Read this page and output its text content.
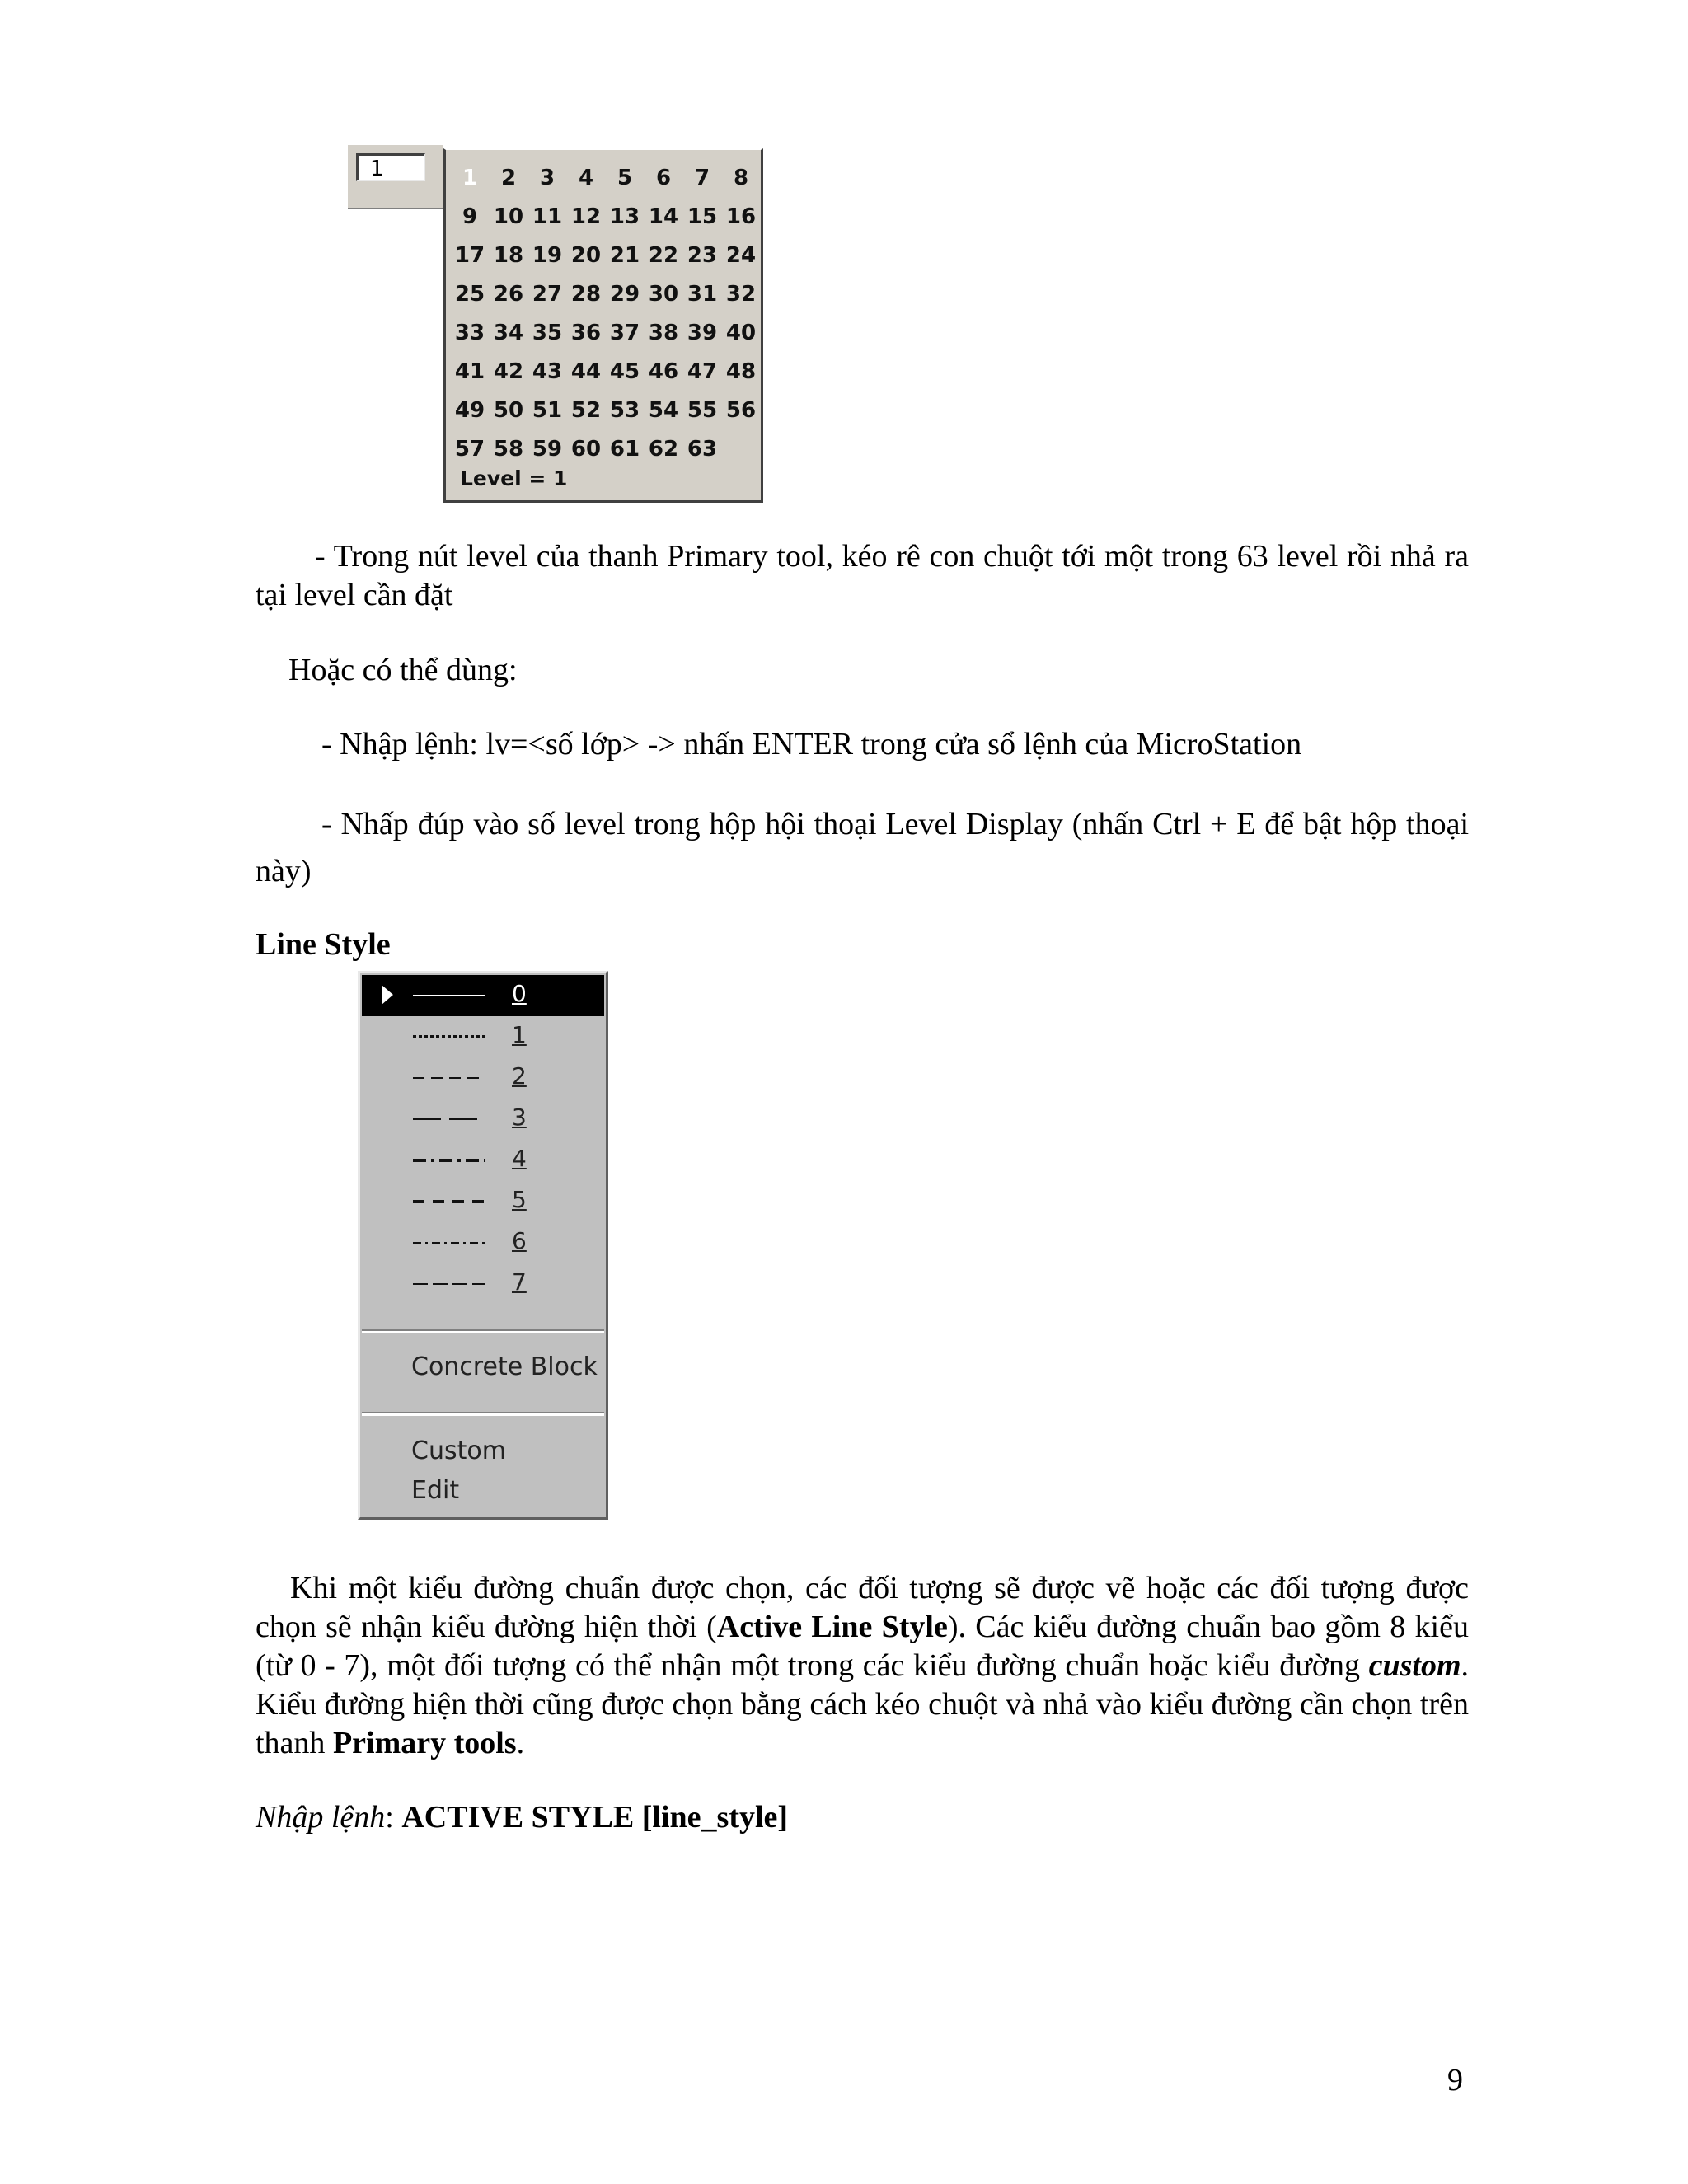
1	1	2	3	4	5	6	7	8
9 10 11 12 13 14 15 16
17 18 19 20 21 22 23 24
25 26 27 28 29 30 31 32
33 34 35 36 37 38 39 40
41 42 43 44 45 46 47 48
49 50 51 52 53 54 55 56
57 58 59 60 61 62 63
Level = 1
- Trong nút level của thanh Primary tool, kéo rê con chuột tới một trong 63 level rồi nhả ra tại level cần đặt
Hoặc có thể dùng:
- Nhập lệnh: lv=<số lớp> -> nhấn ENTER trong cửa sổ lệnh của MicroStation
- Nhấp đúp vào số level trong hộp hội thoại Level Display (nhấn Ctrl + E để bật hộp thoại này)
Line Style
0
1
2
3
4
5
6
7
Concrete Block
Custom
Edit
Khi một kiểu đường chuẩn được chọn, các đối tượng sẽ được vẽ hoặc các đối tượng được chọn sẽ nhận kiểu đường hiện thời (Active Line Style). Các kiểu đường chuẩn bao gồm 8 kiểu (từ 0 - 7), một đối tượng có thể nhận một trong các kiểu đường chuẩn hoặc kiểu đường custom. Kiểu đường hiện thời cũng được chọn bằng cách kéo chuột và nhả vào kiểu đường cần chọn trên thanh Primary tools.
Nhập lệnh: ACTIVE STYLE [line_style]
9
